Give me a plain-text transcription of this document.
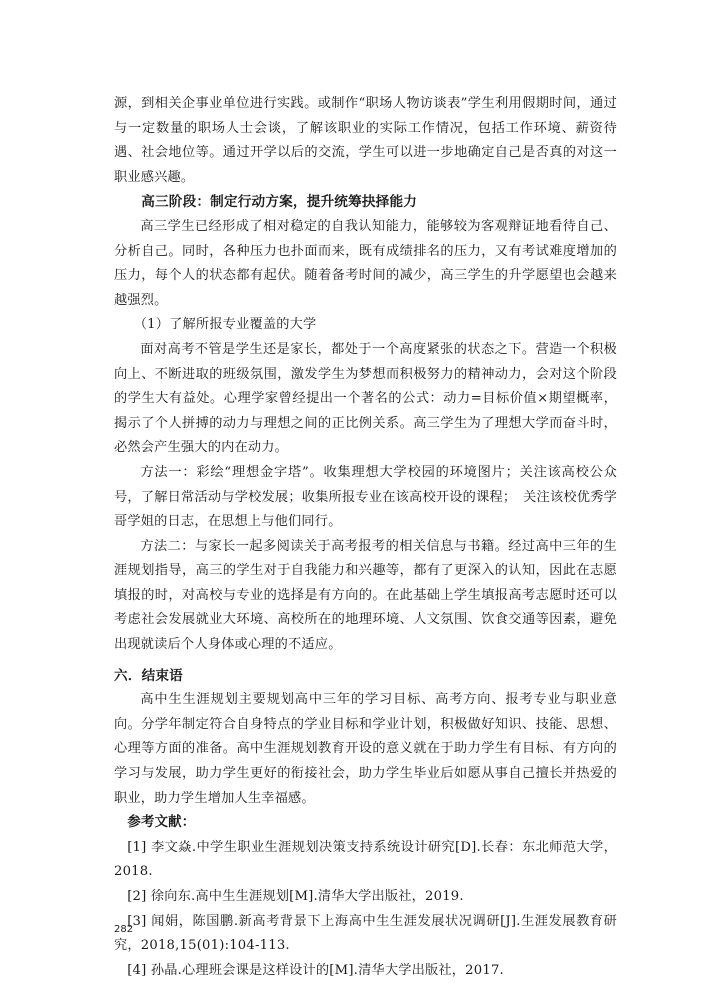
源，到相关企事业单位进行实践。或制作“职场人物访谈表”学生利用假期时间，通过与一定数量的职场人士会谈，了解该职业的实际工作情况，包括工作环境、薪资待遇、社会地位等。通过开学以后的交流，学生可以进一步地确定自己是否真的对这一职业感兴趣。

高三阶段：制定行动方案，提升统筹抉择能力

高三学生已经形成了相对稳定的自我认知能力，能够较为客观辩证地看待自己、分析自己。同时，各种压力也扑面而来，既有成绩排名的压力，又有考试难度增加的压力，每个人的状态都有起伏。随着备考时间的减少，高三学生的升学愿望也会越来越强烈。

（1）了解所报专业覆盖的大学

面对高考不管是学生还是家长，都处于一个高度紧张的状态之下。营造一个积极向上、不断进取的班级氛围，激发学生为梦想而积极努力的精神动力，会对这个阶段的学生大有益处。心理学家曾经提出一个著名的公式：动力=目标价值×期望概率，揭示了个人拼搏的动力与理想之间的正比例关系。高三学生为了理想大学而奋斗时，必然会产生强大的内在动力。

方法一：彩绘“理想金字塔”。收集理想大学校园的环境图片；关注该高校公众号，了解日常活动与学校发展；收集所报专业在该高校开设的课程；　关注该校优秀学哥学姐的日志，在思想上与他们同行。

方法二：与家长一起多阅读关于高考报考的相关信息与书籍。经过高中三年的生涯规划指导，高三的学生对于自我能力和兴趣等，都有了更深入的认知，因此在志愿填报的时，对高校与专业的选择是有方向的。在此基础上学生填报高考志愿时还可以考虑社会发展就业大环境、高校所在的地理环境、人文氛围、饮食交通等因素，避免出现就读后个人身体或心理的不适应。

六．结束语

高中生生涯规划主要规划高中三年的学习目标、高考方向、报考专业与职业意向。分学年制定符合自身特点的学业目标和学业计划，积极做好知识、技能、思想、心理等方面的准备。高中生涯规划教育开设的意义就在于助力学生有目标、有方向的学习与发展，助力学生更好的衔接社会，助力学生毕业后如愿从事自己擅长并热爱的职业，助力学生增加人生幸福感。

参考文献：

[1] 李文焱.中学生职业生涯规划决策支持系统设计研究[D].长春：东北师范大学，2018.

[2] 徐向东.高中生生涯规划[M].清华大学出版社，2019.

[3] 闻娟，陈国鹏.新高考背景下上海高中生生涯发展状况调研[J].生涯发展教育研究，2018,15(01):104-113.

[4] 孙晶.心理班会课是这样设计的[M].清华大学出版社，2017.

282
